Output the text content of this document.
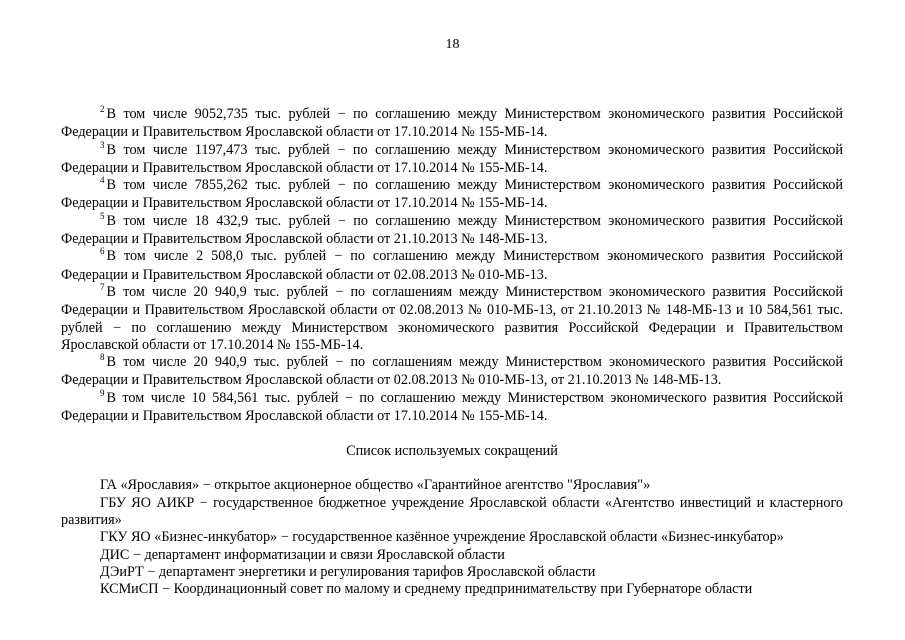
18

$^2$ В том числе 9052,735 тыс. рублей − по соглашению между Министерством экономического развития Российской Федерации и Правительством Ярославской области от 17.10.2014 № 155-МБ-14.

$^3$ В том числе 1197,473 тыс. рублей − по соглашению между Министерством экономического развития Российской Федерации и Правительством Ярославской области от 17.10.2014 № 155-МБ-14.

$^4$ В том числе 7855,262 тыс. рублей − по соглашению между Министерством экономического развития Российской Федерации и Правительством Ярославской области от 17.10.2014 № 155-МБ-14.

$^5$ В том числе 18 432,9 тыс. рублей − по соглашению между Министерством экономического развития Российской Федерации и Правительством Ярославской области от 21.10.2013 № 148-МБ-13.

$^6$ В том числе 2 508,0 тыс. рублей − по соглашению между Министерством экономического развития Российской Федерации и Правительством Ярославской области от 02.08.2013 № 010-МБ-13.

$^7$ В том числе 20 940,9 тыс. рублей − по соглашениям между Министерством экономического развития Российской Федерации и Правительством Ярославской области от 02.08.2013 № 010-МБ-13, от 21.10.2013 № 148-МБ-13 и 10 584,561 тыс. рублей − по соглашению между Министерством экономического развития Российской Федерации и Правительством Ярославской области от 17.10.2014 № 155-МБ-14.

$^8$ В том числе 20 940,9 тыс. рублей − по соглашениям между Министерством экономического развития Российской Федерации и Правительством Ярославской области от 02.08.2013 № 010-МБ-13, от 21.10.2013 № 148-МБ-13.

$^9$ В том числе 10 584,561 тыс. рублей − по соглашению между Министерством экономического развития Российской Федерации и Правительством Ярославской области от 17.10.2014 № 155-МБ-14.

Список используемых сокращений

ГА «Ярославия» − открытое акционерное общество «Гарантийное агентство "Ярославия"»

ГБУ ЯО АИКР − государственное бюджетное учреждение Ярославской области «Агентство инвестиций и кластерного развития»

ГКУ ЯО «Бизнес-инкубатор» − государственное казённое учреждение Ярославской области «Бизнес-инкубатор»

ДИС − департамент информатизации и связи Ярославской области

ДЭиРТ − департамент энергетики и регулирования тарифов Ярославской области

КСМиСП − Координационный совет по малому и среднему предпринимательству при Губернаторе области
